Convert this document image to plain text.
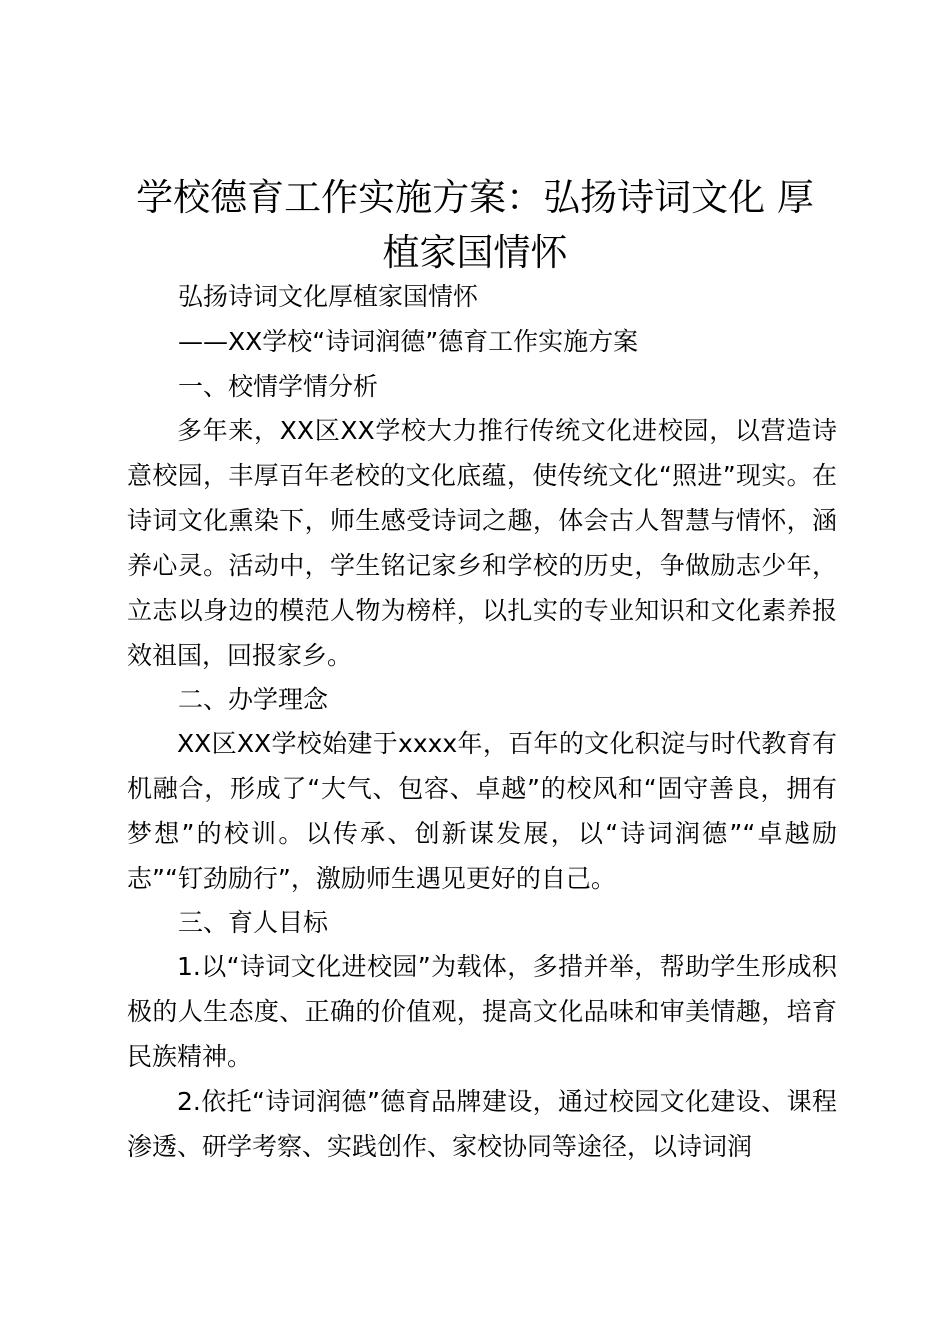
学校德育工作实施方案：弘扬诗词文化 厚植家国情怀

弘扬诗词文化厚植家国情怀

——XX学校“诗词润德”德育工作实施方案

一、校情学情分析

多年来，XX区XX学校大力推行传统文化进校园，以营造诗意校园，丰厚百年老校的文化底蕴，使传统文化“照进”现实。在诗词文化熏染下，师生感受诗词之趣，体会古人智慧与情怀，涵养心灵。活动中，学生铭记家乡和学校的历史，争做励志少年，立志以身边的模范人物为榜样，以扎实的专业知识和文化素养报效祖国，回报家乡。

二、办学理念

XX区XX学校始建于xxxx年，百年的文化积淀与时代教育有机融合，形成了“大气、包容、卓越”的校风和“固守善良，拥有梦想”的校训。以传承、创新谋发展，以“诗词润德”“卓越励志”“钉劲励行”，激励师生遇见更好的自己。

三、育人目标

1.以“诗词文化进校园”为载体，多措并举，帮助学生形成积极的人生态度、正确的价值观，提高文化品味和审美情趣，培育民族精神。

2.依托“诗词润德”德育品牌建设，通过校园文化建设、课程渗透、研学考察、实践创作、家校协同等途径，以诗词润
